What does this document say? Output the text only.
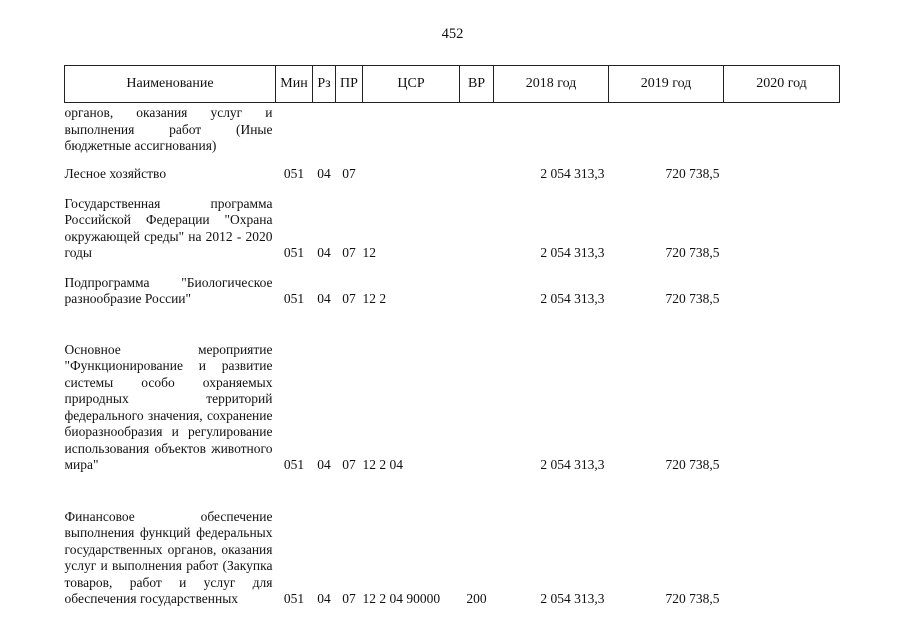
452
Наименование	Мин	Рз	ПР	ЦСР	ВР	2018 год	2019 год	2020 год
органов, оказания услуг и выполнения работ (Иные бюджетные ассигнования)								
Лесное хозяйство	051	04	07			2 054 313,3	720 738,5	
Государственная программа Российской Федерации "Охрана окружающей среды" на 2012 - 2020 годы	051	04	07	12		2 054 313,3	720 738,5	
Подпрограмма "Биологическое разнообразие России"	051	04	07	12 2		2 054 313,3	720 738,5	
Основное мероприятие "Функционирование и развитие системы особо охраняемых природных территорий федерального значения, сохранение биоразнообразия и регулирование использования объектов животного мира"	051	04	07	12 2 04		2 054 313,3	720 738,5	
Финансовое обеспечение выполнения функций федеральных государственных органов, оказания услуг и выполнения работ (Закупка товаров, работ и услуг для обеспечения государственных	051	04	07	12 2 04 90000	200	2 054 313,3	720 738,5	
